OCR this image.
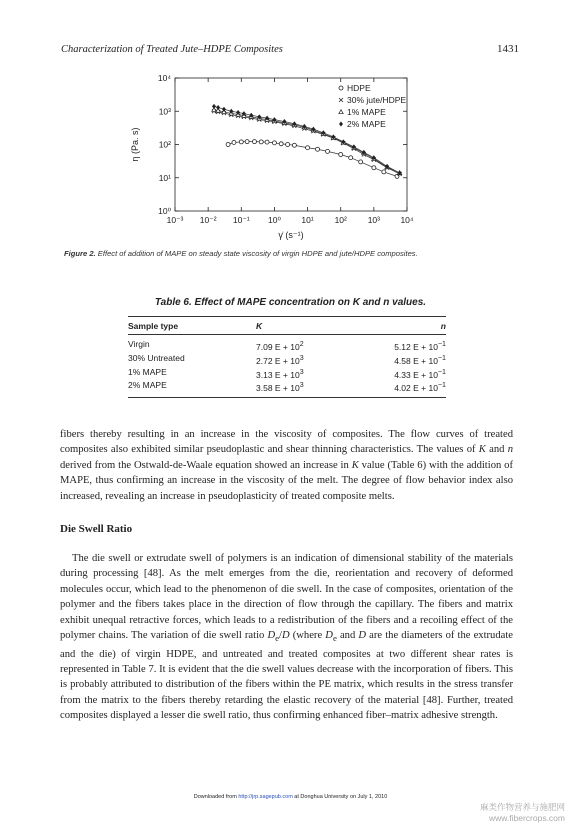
Characterization of Treated Jute–HDPE Composites	1431
10⁻³ 10⁻² 10⁻¹ 10⁰ 10¹ 10² 10³ 10⁴
10⁰
10¹
10²
10³
10⁴
γ̇ (s⁻¹)
η (Pa. s)
HDPE
30% jute/HDPE
1% MAPE
2% MAPE
Figure 2. Effect of addition of MAPE on steady state viscosity of virgin HDPE and jute/HDPE composites.
Table 6. Effect of MAPE concentration on K and n values.
Sample type	K	n
Virgin	7.09 $E + 10^2$	5.12 $E + 10^{-1}$
30% Untreated	2.72 $E + 10^3$	4.58 $E + 10^{-1}$
1% MAPE	3.13 $E + 10^3$	4.33 $E + 10^{-1}$
2% MAPE	3.58 $E + 10^3$	4.02 $E + 10^{-1}$

fibers thereby resulting in an increase in the viscosity of composites. The flow curves of treated composites also exhibited similar pseudoplastic and shear thinning characteristics. The values of K and n derived from the Ostwald-de-Waale equation showed an increase in K value (Table 6) with the addition of MAPE, thus confirming an increase in the viscosity of the melt. The degree of flow behavior index also increased, revealing an increase in pseudoplasticity of treated composite melts.

Die Swell Ratio

The die swell or extrudate swell of polymers is an indication of dimensional stability of the materials during processing [48]. As the melt emerges from the die, reorientation and recovery of deformed molecules occur, which lead to the phenomenon of die swell. In the case of composites, orientation of the polymer and the fibers takes place in the direction of flow through the capillary. The fibers and matrix exhibit unequal retractive forces, which leads to a redistribution of the fibers and a recoiling effect of the polymer chains. The variation of die swell ratio $D_e/D$ (where $D_e$ and D are the diameters of the extrudate and the die) of virgin HDPE, and untreated and treated composites at two different shear rates is represented in Table 7. It is evident that the die swell values decrease with the incorporation of fibers. This is probably attributed to distribution of the fibers within the PE matrix, which results in the stress transfer from the matrix to the fibers thereby retarding the elastic recovery of the material [48]. Further, treated composites displayed a lesser die swell ratio, thus confirming enhanced fiber–matrix adhesive strength.

Downloaded from http://jrp.sagepub.com at Donghua University on July 1, 2010
麻类作物营养与施肥网
www.fibercrops.com
